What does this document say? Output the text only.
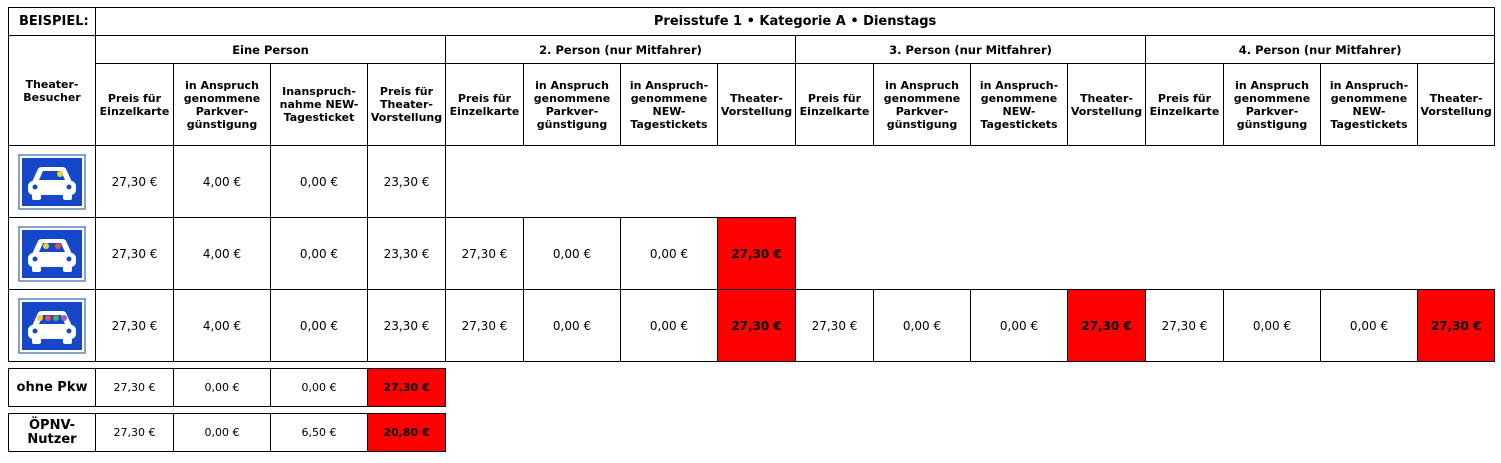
BEISPIEL:	Preisstufe 1 • Kategorie A • Dienstags															
Theater-Besucher	Eine Person				2. Person (nur Mitfahrer)				3. Person (nur Mitfahrer)				4. Person (nur Mitfahrer)			
	Preis für Einzelkarte	in Anspruch genommene Parkver-günstigung	Inanspruch-nahme NEW-Tagesticket	Preis für Theater-Vorstellung	Preis für Einzelkarte	in Anspruch genommene Parkver-günstigung	in Anspruch-genommene NEW-Tagestickets	Theater-Vorstellung	Preis für Einzelkarte	in Anspruch genommene Parkver-günstigung	in Anspruch-genommene NEW-Tagestickets	Theater-Vorstellung	Preis für Einzelkarte	in Anspruch genommene Parkver-günstigung	in Anspruch-genommene NEW-Tagestickets	Theater-Vorstellung

	27,30 €	4,00 €	0,00 €	23,30 €												

	27,30 €	4,00 €	0,00 €	23,30 €	27,30 €	0,00 €	0,00 €	27,30 €								

	27,30 €	4,00 €	0,00 €	23,30 €	27,30 €	0,00 €	0,00 €	27,30 €	27,30 €	0,00 €	0,00 €	27,30 €	27,30 €	0,00 €	0,00 €	27,30 €
ohne Pkw	27,30 €	0,00 €	0,00 €	27,30 €
ÖPNV-Nutzer	27,30 €	0,00 €	6,50 €	20,80 €
